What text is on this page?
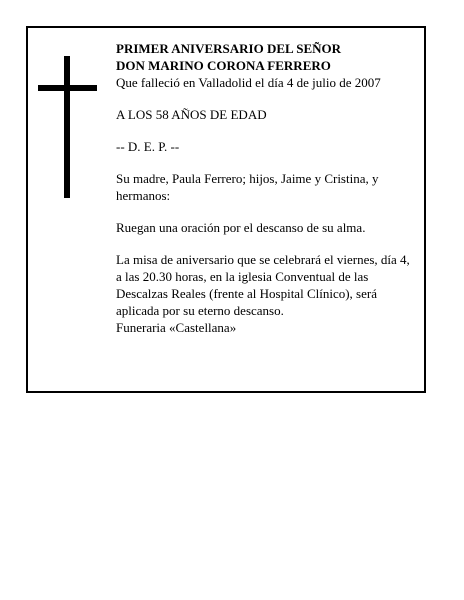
PRIMER ANIVERSARIO DEL SEÑOR

DON MARINO CORONA FERRERO

Que falleció en Valladolid el día 4 de julio de 2007

A LOS 58 AÑOS DE EDAD

-- D. E. P. --

Su madre, Paula Ferrero; hijos, Jaime y Cristina, y hermanos:

Ruegan una oración por el descanso de su alma.

La misa de aniversario que se celebrará el viernes, día 4, a las 20.30 horas, en la iglesia Conventual de las Descalzas Reales (frente al Hospital Clínico), será aplicada por su eterno descanso.

Funeraria «Castellana»
